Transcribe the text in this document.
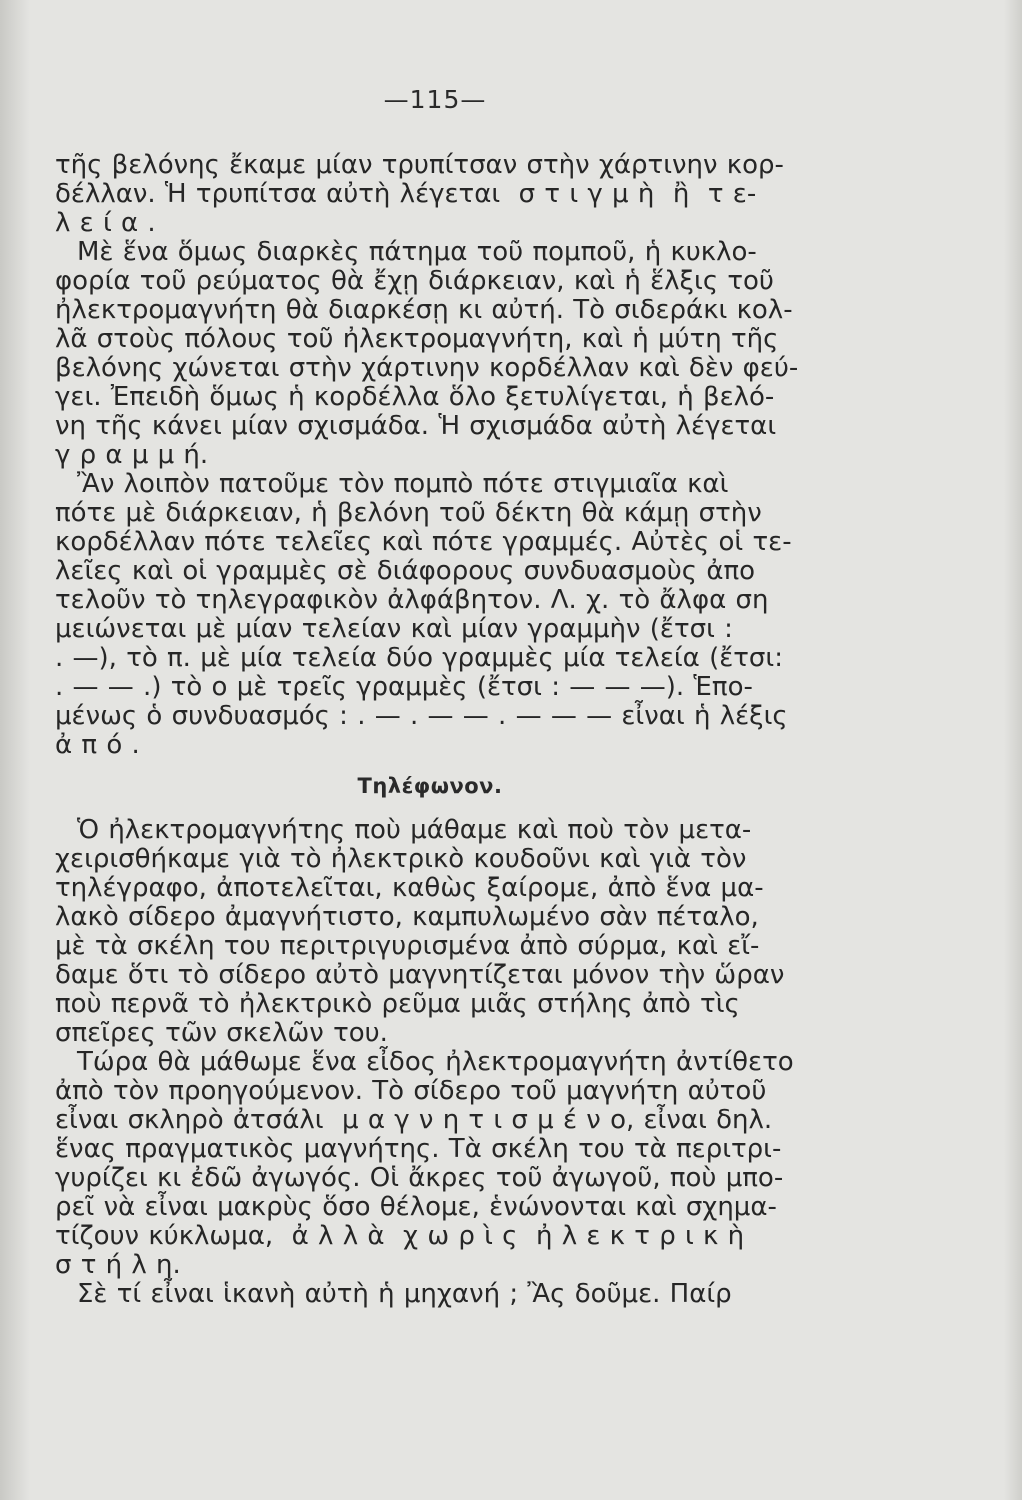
—115—
τῆς βελόνης ἔκαμε μίαν τρυπίτσαν στὴν χάρτινην κορ-
δέλλαν. Ἡ τρυπίτσα αὐτὴ λέγεται  σ τ ι γ μ ὴ  ἢ  τ ε-
λ ε ί α .
Μὲ ἕνα ὅμως διαρκὲς πάτημα τοῦ πομποῦ, ἡ κυκλο-
φορία τοῦ ρεύματος θὰ ἔχῃ διάρκειαν, καὶ ἡ ἕλξις τοῦ
ἠλεκτρομαγνήτη θὰ διαρκέσῃ κι αὐτή. Τὸ σιδεράκι κολ-
λᾶ στοὺς πόλους τοῦ ἠλεκτρομαγνήτη, καὶ ἡ μύτη τῆς
βελόνης χώνεται στὴν χάρτινην κορδέλλαν καὶ δὲν φεύ-
γει. Ἐπειδὴ ὅμως ἡ κορδέλλα ὅλο ξετυλίγεται, ἡ βελό-
νη τῆς κάνει μίαν σχισμάδα. Ἡ σχισμάδα αὐτὴ λέγεται
γ ρ α μ μ ή.
Ἂν λοιπὸν πατοῦμε τὸν πομπὸ πότε στιγμιαῖα καὶ
πότε μὲ διάρκειαν, ἡ βελόνη τοῦ δέκτη θὰ κάμῃ στὴν
κορδέλλαν πότε τελεῖες καὶ πότε γραμμές. Αὐτὲς οἱ τε-
λεῖες καὶ οἱ γραμμὲς σὲ διάφορους συνδυασμοὺς ἀπο
τελοῦν τὸ τηλεγραφικὸν ἀλφάβητον. Λ. χ. τὸ ἄλφα ση
μειώνεται μὲ μίαν τελείαν καὶ μίαν γραμμὴν (ἔτσι :
. —), τὸ π. μὲ μία τελεία δύο γραμμὲς μία τελεία (ἔτσι:
. — — .) τὸ ο μὲ τρεῖς γραμμὲς (ἔτσι : — — —). Ἑπο-
μένως ὁ συνδυασμός : . — . — — . — — — εἶναι ἡ λέξις
ἀ π ό .
Τηλέφωνον.
Ὁ ἠλεκτρομαγνήτης ποὺ μάθαμε καὶ ποὺ τὸν μετα-
χειρισθήκαμε γιὰ τὸ ἠλεκτρικὸ κουδοῦνι καὶ γιὰ τὸν
τηλέγραφο, ἀποτελεῖται, καθὼς ξαίρομε, ἀπὸ ἕνα μα-
λακὸ σίδερο ἀμαγνήτιστο, καμπυλωμένο σὰν πέταλο,
μὲ τὰ σκέλη του περιτριγυρισμένα ἀπὸ σύρμα, καὶ εἴ-
δαμε ὅτι τὸ σίδερο αὐτὸ μαγνητίζεται μόνον τὴν ὥραν
ποὺ περνᾶ τὸ ἠλεκτρικὸ ρεῦμα μιᾶς στήλης ἀπὸ τὶς
σπεῖρες τῶν σκελῶν του.
Τώρα θὰ μάθωμε ἕνα εἶδος ἠλεκτρομαγνήτη ἀντίθετο
ἀπὸ τὸν προηγούμενον. Τὸ σίδερο τοῦ μαγνήτη αὐτοῦ
εἶναι σκληρὸ ἀτσάλι  μ α γ ν η τ ι σ μ έ ν ο, εἶναι δηλ.
ἕνας πραγματικὸς μαγνήτης. Τὰ σκέλη του τὰ περιτρι-
γυρίζει κι ἐδῶ ἀγωγός. Οἱ ἄκρες τοῦ ἀγωγοῦ, ποὺ μπο-
ρεῖ νὰ εἶναι μακρὺς ὅσο θέλομε, ἑνώνονται καὶ σχημα-
τίζουν κύκλωμα,  ἀ λ λ ὰ  χ ω ρ ὶ ς  ἠ λ ε κ τ ρ ι κ ὴ
σ τ ή λ η.
Σὲ τί εἶναι ἱκανὴ αὐτὴ ἡ μηχανή ; Ἂς δοῦμε. Παίρ
